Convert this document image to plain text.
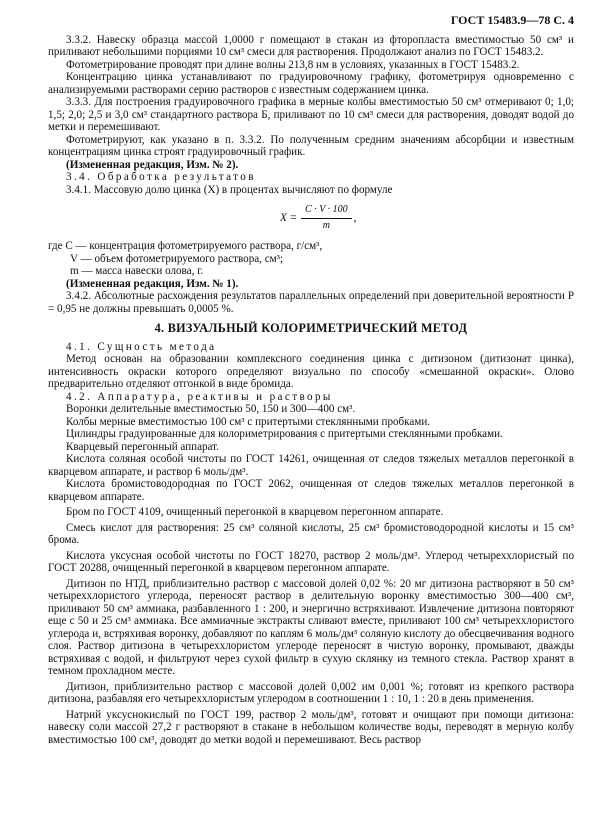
ГОСТ 15483.9—78 С. 4

3.3.2. Навеску образца массой 1,0000 г помещают в стакан из фторопласта вместимостью 50 см³ и приливают небольшими порциями 10 см³ смеси для растворения. Продолжают анализ по ГОСТ 15483.2.

Фотометрирование проводят при длине волны 213,8 нм в условиях, указанных в ГОСТ 15483.2.

Концентрацию цинка устанавливают по градуировочному графику, фотометрируя одновременно с анализируемыми растворами серию растворов с известным содержанием цинка.

3.3.3. Для построения градуировочного графика в мерные колбы вместимостью 50 см³ отмеривают 0; 1,0; 1,5; 2,0; 2,5 и 3,0 см³ стандартного раствора Б, приливают по 10 см³ смеси для растворения, доводят водой до метки и перемешивают.

Фотометрируют, как указано в п. 3.3.2. По полученным средним значениям абсорбции и известным концентрациям цинка строят градуировочный график.

(Измененная редакция, Изм. № 2).

3.4. Обработка результатов

3.4.1. Массовую долю цинка (X) в процентах вычисляют по формуле

$X = \frac{C \cdot V \cdot 100}{m}$ ,

где C — концентрация фотометрируемого раствора, г/см³,

V — объем фотометрируемого раствора, см³;

m — масса навески олова, г.

(Измененная редакция, Изм. № 1).

3.4.2. Абсолютные расхождения результатов параллельных определений при доверительной вероятности P = 0,95 не должны превышать 0,0005 %.

4. ВИЗУАЛЬНЫЙ КОЛОРИМЕТРИЧЕСКИЙ МЕТОД

4.1. Сущность метода

Метод основан на образовании комплексного соединения цинка с дитизоном (дитизонат цинка), интенсивность окраски которого определяют визуально по способу «смешанной окраски». Олово предварительно отделяют отгонкой в виде бромида.

4.2. Аппаратура, реактивы и растворы

Воронки делительные вместимостью 50, 150 и 300—400 см³.

Колбы мерные вместимостью 100 см³ с притертыми стеклянными пробками.

Цилиндры градуированные для колориметрирования с притертыми стеклянными пробками.

Кварцевый перегонный аппарат.

Кислота соляная особой чистоты по ГОСТ 14261, очищенная от следов тяжелых металлов перегонкой в кварцевом аппарате, и раствор 6 моль/дм³.

Кислота бромистоводородная по ГОСТ 2062, очищенная от следов тяжелых металлов перегонкой в кварцевом аппарате.

Бром по ГОСТ 4109, очищенный перегонкой в кварцевом перегонном аппарате.

Смесь кислот для растворения: 25 см³ соляной кислоты, 25 см³ бромистоводородной кислоты и 15 см³ брома.

Кислота уксусная особой чистоты по ГОСТ 18270, раствор 2 моль/дм³. Углерод четыреххлористый по ГОСТ 20288, очищенный перегонкой в кварцевом перегонном аппарате.

Дитизон по НТД, приблизительно раствор с массовой долей 0,02 %: 20 мг дитизона растворяют в 50 см³ четыреххлористого углерода, переносят раствор в делительную воронку вместимостью 300—400 см³, приливают 50 см³ аммиака, разбавленного 1 : 200, и энергично встряхивают. Извлечение дитизона повторяют еще с 50 и 25 см³ аммиака. Все аммиачные экстракты сливают вместе, приливают 100 см³ четыреххлористого углерода и, встряхивая воронку, добавляют по каплям 6 моль/дм³ соляную кислоту до обесцвечивания водного слоя. Раствор дитизона в четыреххлористом углероде переносят в чистую воронку, промывают, дважды встряхивая с водой, и фильтруют через сухой фильтр в сухую склянку из темного стекла. Раствор хранят в темном прохладном месте.

Дитизон, приблизительно раствор с массовой долей 0,002 им 0,001 %; готовят из крепкого раствора дитизона, разбавляя его четыреххлористым углеродом в соотношении 1 : 10, 1 : 20 в день применения.

Натрий уксуснокислый по ГОСТ 199, раствор 2 моль/дм³, готовят и очищают при помощи дитизона: навеску соли массой 27,2 г растворяют в стакане в небольшом количестве воды, переводят в мерную колбу вместимостью 100 см³, доводят до метки водой и перемешивают. Весь раствор
